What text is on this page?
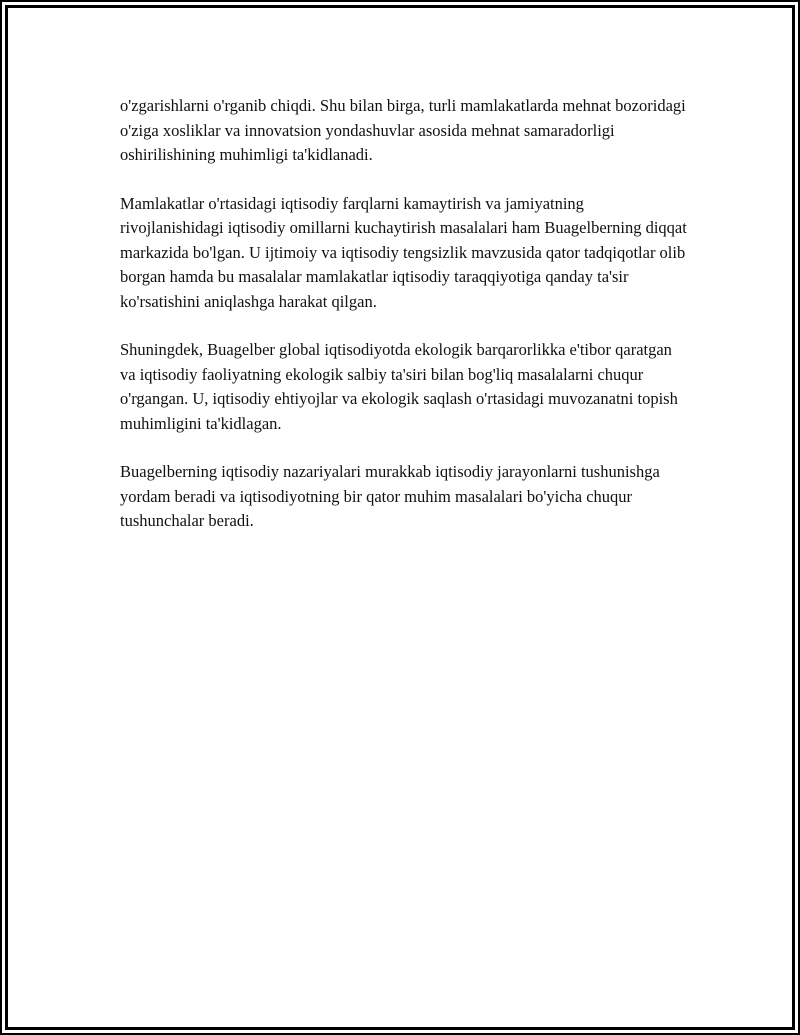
o'zgarishlarni o'rganib chiqdi. Shu bilan birga, turli mamlakatlarda mehnat bozoridagi o'ziga xosliklar va innovatsion yondashuvlar asosida mehnat samaradorligi oshirilishining muhimligi ta'kidlanadi.

Mamlakatlar o'rtasidagi iqtisodiy farqlarni kamaytirish va jamiyatning rivojlanishidagi iqtisodiy omillarni kuchaytirish masalalari ham Buagelberning diqqat markazida bo'lgan. U ijtimoiy va iqtisodiy tengsizlik mavzusida qator tadqiqotlar olib borgan hamda bu masalalar mamlakatlar iqtisodiy taraqqiyotiga qanday ta'sir ko'rsatishini aniqlashga harakat qilgan.

Shuningdek, Buagelber global iqtisodiyotda ekologik barqarorlikka e'tibor qaratgan va iqtisodiy faoliyatning ekologik salbiy ta'siri bilan bog'liq masalalarni chuqur o'rgangan. U, iqtisodiy ehtiyojlar va ekologik saqlash o'rtasidagi muvozanatni topish muhimligini ta'kidlagan.

Buagelberning iqtisodiy nazariyalari murakkab iqtisodiy jarayonlarni tushunishga yordam beradi va iqtisodiyotning bir qator muhim masalalari bo'yicha chuqur tushunchalar beradi.
